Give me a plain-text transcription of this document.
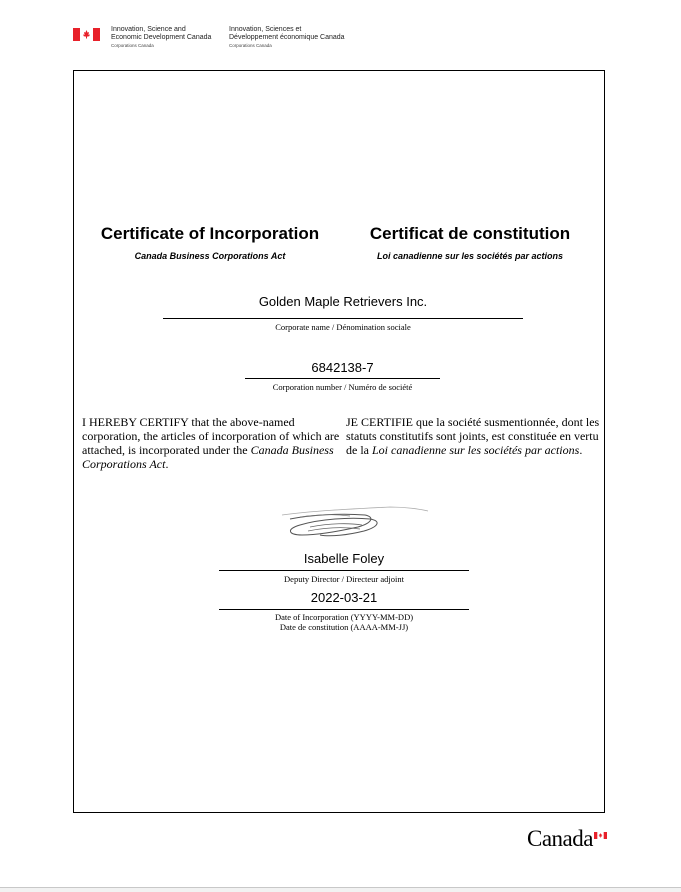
Innovation, Science and
Economic Development Canada
Corporations Canada
Innovation, Sciences et
Développement économique Canada
Corporations Canada
Certificate of Incorporation	Certificat de constitution
Canada Business Corporations Act	Loi canadienne sur les sociétés par actions
Golden Maple Retrievers Inc.
Corporate name / Dénomination sociale
6842138-7
Corporation number / Numéro de société
I HEREBY CERTIFY that the above-named corporation, the articles of incorporation of which are attached, is incorporated under the Canada Business Corporations Act.
JE CERTIFIE que la société susmentionnée, dont les statuts constitutifs sont joints, est constituée en vertu de la Loi canadienne sur les sociétés par actions.
Isabelle Foley
Deputy Director / Directeur adjoint
2022-03-21
Date of Incorporation (YYYY-MM-DD)
Date de constitution (AAAA-MM-JJ)
Canada
